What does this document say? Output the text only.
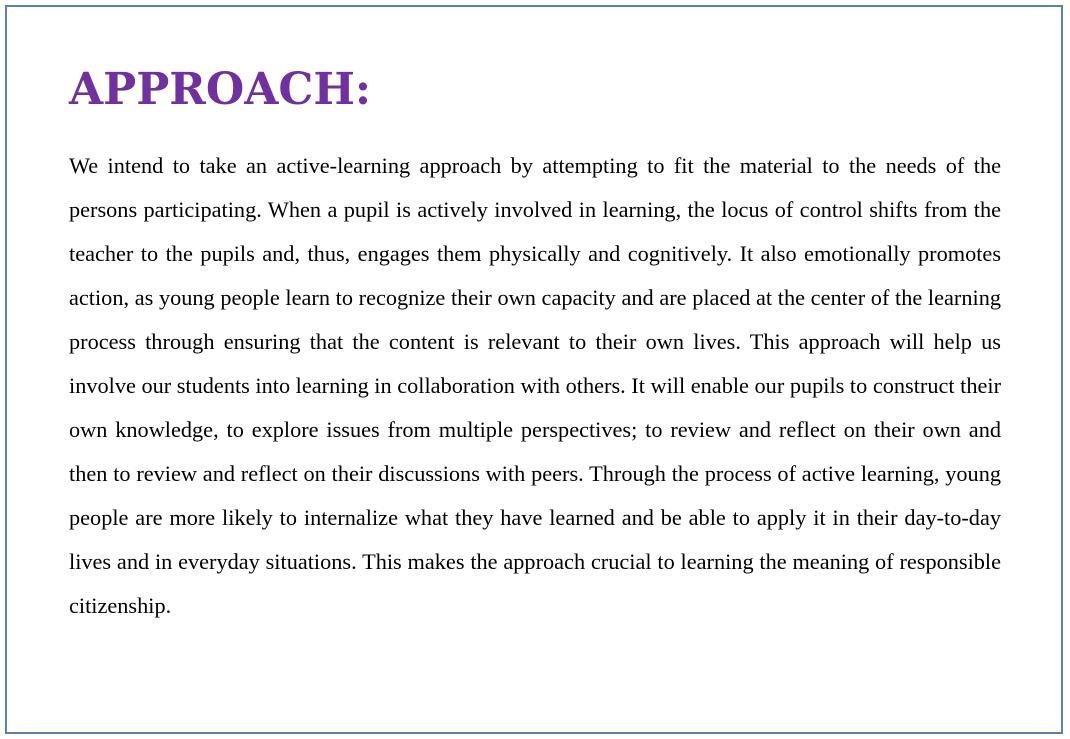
APPROACH:

We intend to take an active-learning approach by attempting to fit the material to the needs of the persons participating. When a pupil is actively involved in learning, the locus of control shifts from the teacher to the pupils and, thus, engages them physically and cognitively. It also emotionally promotes action, as young people learn to recognize their own capacity and are placed at the center of the learning process through ensuring that the content is relevant to their own lives. This approach will help us involve our students into learning in collaboration with others. It will enable our pupils to construct their own knowledge, to explore issues from multiple perspectives; to review and reflect on their own and then to review and reflect on their discussions with peers. Through the process of active learning, young people are more likely to internalize what they have learned and be able to apply it in their day-to-day lives and in everyday situations. This makes the approach crucial to learning the meaning of responsible citizenship.
